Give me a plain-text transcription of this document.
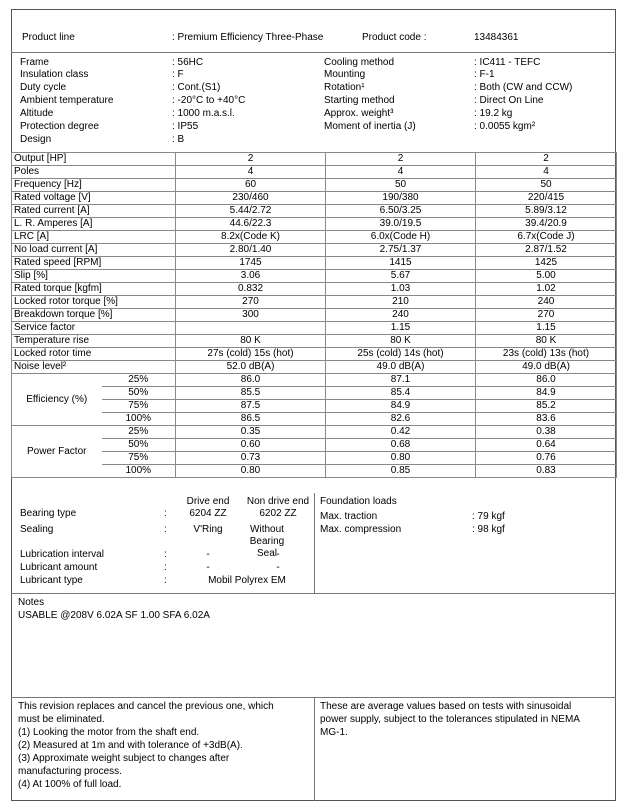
Product line	: Premium Efficiency Three-Phase	Product code :	13484361
Frame	: 56HC
Insulation class	: F
Duty cycle	: Cont.(S1)
Ambient temperature	: -20°C to +40°C
Altitude	: 1000 m.a.s.l.
Protection degree	: IP55
Design	: B
Cooling method	: IC411 - TEFC
Mounting	: F-1
Rotation¹	: Both (CW and CCW)
Starting method	: Direct On Line
Approx. weight³	: 19.2 kg
Moment of inertia (J)	: 0.0055 kgm²
Output [HP]		2	2	2
Poles		4	4	4
Frequency [Hz]		60	50	50
Rated voltage [V]		230/460	190/380	220/415
Rated current [A]		5.44/2.72	6.50/3.25	5.89/3.12
L. R. Amperes [A]		44.6/22.3	39.0/19.5	39.4/20.9
LRC [A]		8.2x(Code K)	6.0x(Code H)	6.7x(Code J)
No load current [A]		2.80/1.40	2.75/1.37	2.87/1.52
Rated speed [RPM]		1745	1415	1425
Slip [%]		3.06	5.67	5.00
Rated torque [kgfm]		0.832	1.03	1.02
Locked rotor torque [%]		270	210	240
Breakdown torque [%]		300	240	270
Service factor			1.15	1.15
Temperature rise		80 K	80 K	80 K
Locked rotor time		27s (cold) 15s (hot)	25s (cold) 14s (hot)	23s (cold) 13s (hot)
Noise level²		52.0 dB(A)	49.0 dB(A)	49.0 dB(A)
Efficiency (%)	25%	86.0	87.1	86.0
	50%	85.5	85.4	84.9
	75%	87.5	84.9	85.2
	100%	86.5	82.6	83.6
Power Factor	25%	0.35	0.42	0.38
	50%	0.60	0.68	0.64
	75%	0.73	0.80	0.76
	100%	0.80	0.85	0.83
Drive end	Non drive end
Bearing type	:	6204 ZZ	6202 ZZ
Sealing	:	V'Ring	Without Bearing Seal
Lubrication interval	:	-	-
Lubricant amount	:	-	-
Lubricant type	:	Mobil Polyrex EM
Foundation loads
Max. traction	: 79 kgf
Max. compression	: 98 kgf
Notes
USABLE @208V 6.02A SF 1.00 SFA 6.02A
This revision replaces and cancel the previous one, which
must be eliminated.
(1) Looking the motor from the shaft end.
(2) Measured at 1m and with tolerance of +3dB(A).
(3) Approximate weight subject to changes after
manufacturing process.
(4) At 100% of full load.
These are average values based on tests with sinusoidal
power supply, subject to the tolerances stipulated in NEMA
MG-1.
